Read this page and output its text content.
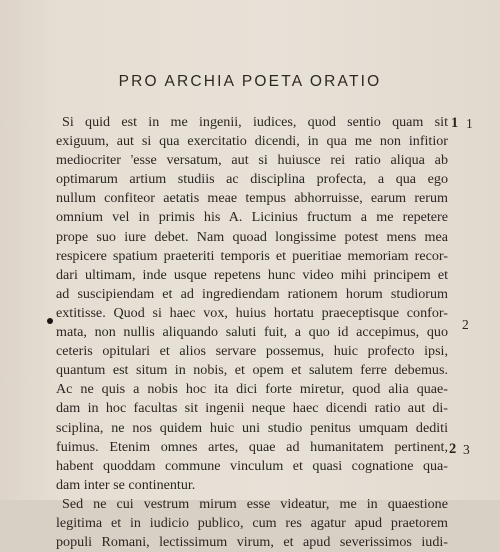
PRO ARCHIA POETA ORATIO
Si quid est in me ingenii, iudices, quod sentio quam sit
exiguum, aut si qua exercitatio dicendi, in qua me non infitior
mediocriter 'esse versatum, aut si huiusce rei ratio aliqua ab
optimarum artium studiis ac disciplina profecta, a qua ego
nullum confiteor aetatis meae tempus abhorruisse, earum rerum
omnium vel in primis his A. Licinius fructum a me repetere
prope suo iure debet. Nam quoad longissime potest mens mea
respicere spatium praeteriti temporis et pueritiae memoriam recor-
dari ultimam, inde usque repetens hunc video mihi principem et
ad suscipiendam et ad ingrediendam rationem horum studiorum
extitisse. Quod si haec vox, huius hortatu praeceptisque confor-
mata, non nullis aliquando saluti fuit, a quo id accepimus, quo
ceteris opitulari et alios servare possemus, huic profecto ipsi,
quantum est situm in nobis, et opem et salutem ferre debemus.
Ac ne quis a nobis hoc ita dici forte miretur, quod alia quae-
dam in hoc facultas sit ingenii neque haec dicendi ratio aut di-
sciplina, ne nos quidem huic uni studio penitus umquam dediti
fuimus. Etenim omnes artes, quae ad humanitatem pertinent,
habent quoddam commune vinculum et quasi cognatione qua-
dam inter se continentur.
Sed ne cui vestrum mirum esse videatur, me in quaestione
legitima et in iudicio publico, cum res agatur apud praetorem
populi Romani, lectissimum virum, et apud severissimos iudi-
1 1
2
2 3
